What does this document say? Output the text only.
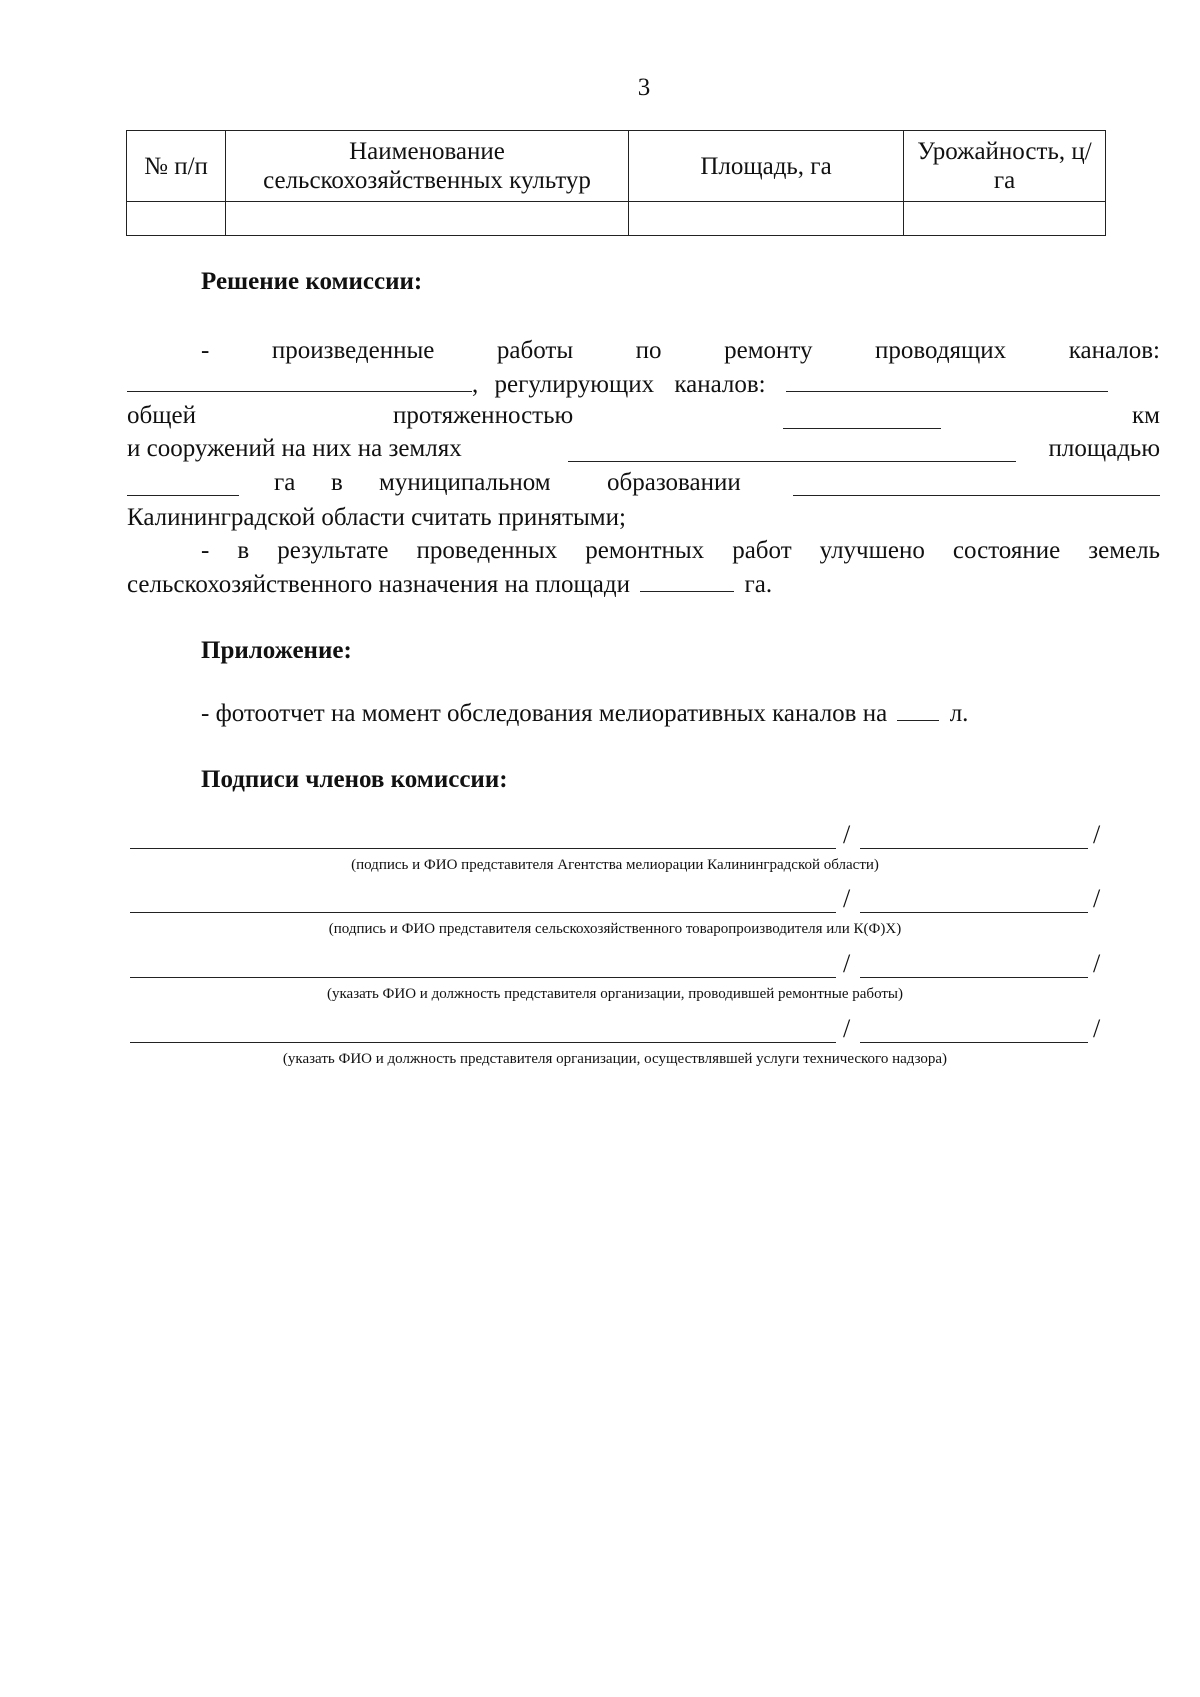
3
№ п/п	Наименование сельскохозяйственных культур	Площадь, га	Урожайность, ц/га

Решение комиссии:
-	произведенные	работы	по	ремонту	проводящих	каналов:
, регулирующих каналов:
общей	протяженностью	км
и сооружений на них на землях	площадью
га в муниципальном образовании
Калининградской области считать принятыми;
- в результате проведенных ремонтных работ улучшено состояние земель
сельскохозяйственного назначения на площади	га.
Приложение:
- фотоотчет на момент обследования мелиоративных каналов на	л.
Подписи членов комиссии:
/	/
(подпись и ФИО представителя Агентства мелиорации Калининградской области)
/	/
(подпись и ФИО представителя сельскохозяйственного товаропроизводителя или К(Ф)Х)
/	/
(указать ФИО и должность представителя организации, проводившей ремонтные работы)
/	/
(указать ФИО и должность представителя организации, осуществлявшей услуги технического надзора)
